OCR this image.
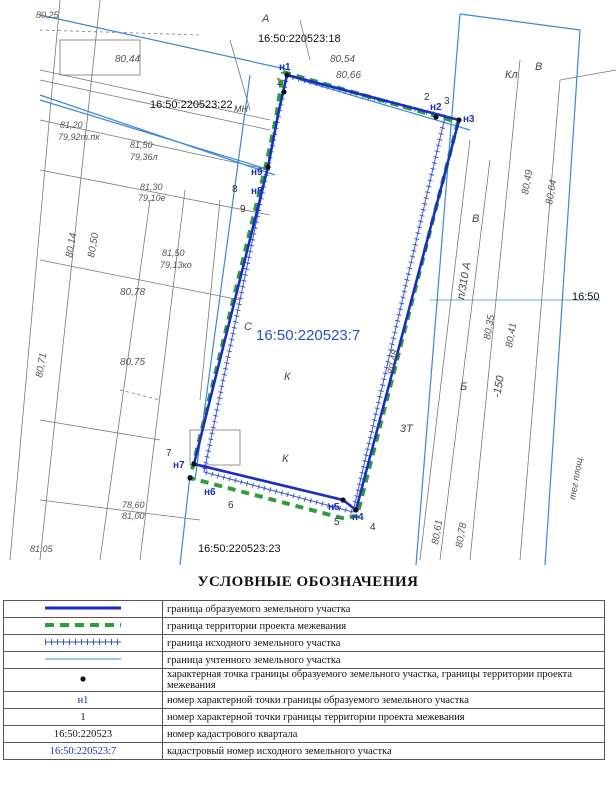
н1
н2
н3
н4
н5
н6
н7
н8
н9
1
2 3
4
5
6
7
8
9
16:50:220523:7
16:50:220523:18
16:50:220523:22
16:50:220523:23
16:50
80,44	80,54
80,66
81,20
79,92т.пк
81,50
79,36л
81,30
79,10е
81,50
79,13ко
80,78
80,75	80,48
80,49 80,64
80,35 80,41
80,61 80,78
78,60
81,00
80,25
80,50
80,14
80,71
81,05
Кл
В
К
А
МН
С
К
п/310 А
В
-150
Б
3Т
тег площ.
УСЛОВНЫЕ ОБОЗНАЧЕНИЯ
	граница образуемого земельного участка
	граница территории проекта межевания
	граница исходного земельного участка
	граница учтенного земельного участка
	характерная точка границы образуемого земельного участка, границы территории проекта межевания
н1	номер характерной точки границы образуемого земельного участка
1	номер характерной точки границы территории проекта межевания
16:50:220523	номер кадастрового квартала
16:50:220523:7	кадастровый номер исходного земельного участка
